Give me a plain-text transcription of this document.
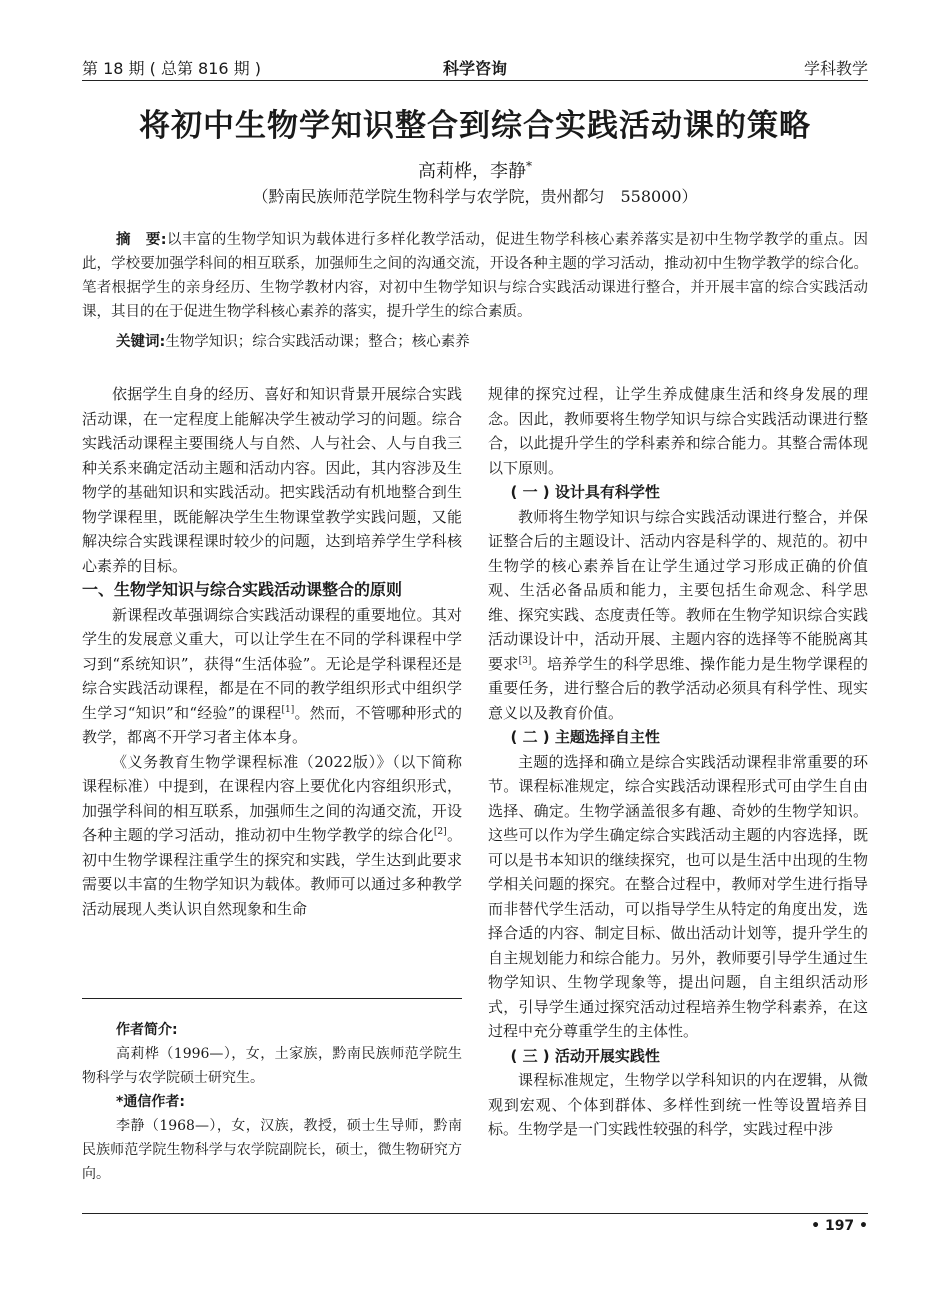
第 18 期 ( 总第 816 期 )	科学咨询	学科教学
将初中生物学知识整合到综合实践活动课的策略
高莉桦，李静*
（黔南民族师范学院生物科学与农学院，贵州都匀　558000）
摘　要:以丰富的生物学知识为载体进行多样化教学活动，促进生物学科核心素养落实是初中生物学教学的重点。因此，学校要加强学科间的相互联系，加强师生之间的沟通交流，开设各种主题的学习活动，推动初中生物学教学的综合化。笔者根据学生的亲身经历、生物学教材内容，对初中生物学知识与综合实践活动课进行整合，并开展丰富的综合实践活动课，其目的在于促进生物学科核心素养的落实，提升学生的综合素质。
关键词:生物学知识；综合实践活动课；整合；核心素养

依据学生自身的经历、喜好和知识背景开展综合实践活动课，在一定程度上能解决学生被动学习的问题。综合实践活动课程主要围绕人与自然、人与社会、人与自我三种关系来确定活动主题和活动内容。因此，其内容涉及生物学的基础知识和实践活动。把实践活动有机地整合到生物学课程里，既能解决学生生物课堂教学实践问题，又能解决综合实践课程课时较少的问题，达到培养学生学科核心素养的目标。

一、生物学知识与综合实践活动课整合的原则

新课程改革强调综合实践活动课程的重要地位。其对学生的发展意义重大，可以让学生在不同的学科课程中学习到“系统知识”，获得“生活体验”。无论是学科课程还是综合实践活动课程，都是在不同的教学组织形式中组织学生学习“知识”和“经验”的课程[1]。然而，不管哪种形式的教学，都离不开学习者主体本身。

《义务教育生物学课程标准（2022版）》（以下简称课程标准）中提到，在课程内容上要优化内容组织形式，加强学科间的相互联系，加强师生之间的沟通交流，开设各种主题的学习活动，推动初中生物学教学的综合化[2]。初中生物学课程注重学生的探究和实践，学生达到此要求需要以丰富的生物学知识为载体。教师可以通过多种教学活动展现人类认识自然现象和生命

作者简介:

高莉桦（1996—），女，土家族，黔南民族师范学院生物科学与农学院硕士研究生。

*通信作者:

李静（1968—），女，汉族，教授，硕士生导师，黔南民族师范学院生物科学与农学院副院长，硕士，微生物研究方向。

规律的探究过程，让学生养成健康生活和终身发展的理念。因此，教师要将生物学知识与综合实践活动课进行整合，以此提升学生的学科素养和综合能力。其整合需体现以下原则。

( 一 ) 设计具有科学性

教师将生物学知识与综合实践活动课进行整合，并保证整合后的主题设计、活动内容是科学的、规范的。初中生物学的核心素养旨在让学生通过学习形成正确的价值观、生活必备品质和能力，主要包括生命观念、科学思维、探究实践、态度责任等。教师在生物学知识综合实践活动课设计中，活动开展、主题内容的选择等不能脱离其要求[3]。培养学生的科学思维、操作能力是生物学课程的重要任务，进行整合后的教学活动必须具有科学性、现实意义以及教育价值。

( 二 ) 主题选择自主性

主题的选择和确立是综合实践活动课程非常重要的环节。课程标准规定，综合实践活动课程形式可由学生自由选择、确定。生物学涵盖很多有趣、奇妙的生物学知识。这些可以作为学生确定综合实践活动主题的内容选择，既可以是书本知识的继续探究，也可以是生活中出现的生物学相关问题的探究。在整合过程中，教师对学生进行指导而非替代学生活动，可以指导学生从特定的角度出发，选择合适的内容、制定目标、做出活动计划等，提升学生的自主规划能力和综合能力。另外，教师要引导学生通过生物学知识、生物学现象等，提出问题，自主组织活动形式，引导学生通过探究活动过程培养生物学科素养，在这过程中充分尊重学生的主体性。

( 三 ) 活动开展实践性

课程标准规定，生物学以学科知识的内在逻辑，从微观到宏观、个体到群体、多样性到统一性等设置培养目标。生物学是一门实践性较强的科学，实践过程中涉

• 197 •
